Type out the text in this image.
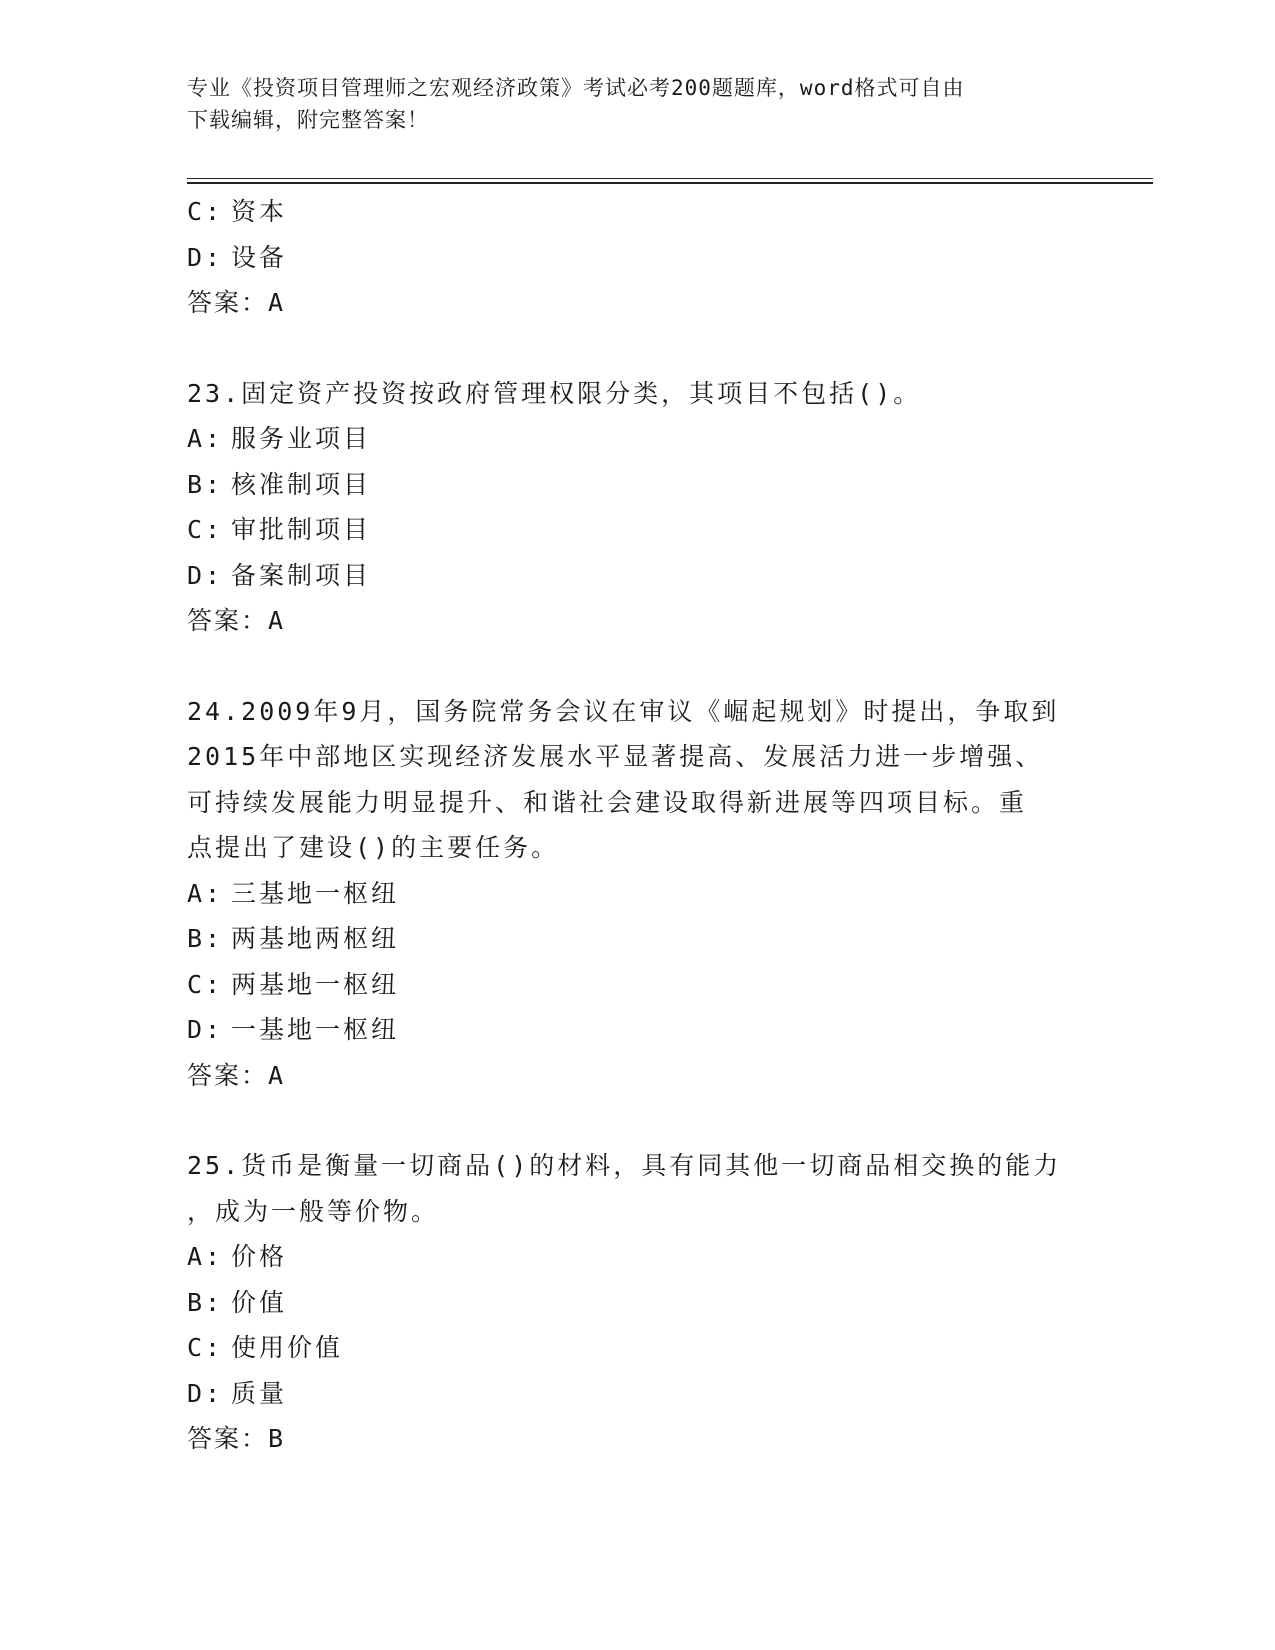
专业《投资项目管理师之宏观经济政策》考试必考200题题库，word格式可自由
下载编辑，附完整答案！
C: 资本
D: 设备
答案：A
23.固定资产投资按政府管理权限分类，其项目不包括()。
A: 服务业项目
B: 核准制项目
C: 审批制项目
D: 备案制项目
答案：A
24.2009年9月，国务院常务会议在审议《崛起规划》时提出，争取到
2015年中部地区实现经济发展水平显著提高、发展活力进一步增强、
可持续发展能力明显提升、和谐社会建设取得新进展等四项目标。重
点提出了建设()的主要任务。
A: 三基地一枢纽
B: 两基地两枢纽
C: 两基地一枢纽
D: 一基地一枢纽
答案：A
25.货币是衡量一切商品()的材料，具有同其他一切商品相交换的能力
，成为一般等价物。
A: 价格
B: 价值
C: 使用价值
D: 质量
答案：B
